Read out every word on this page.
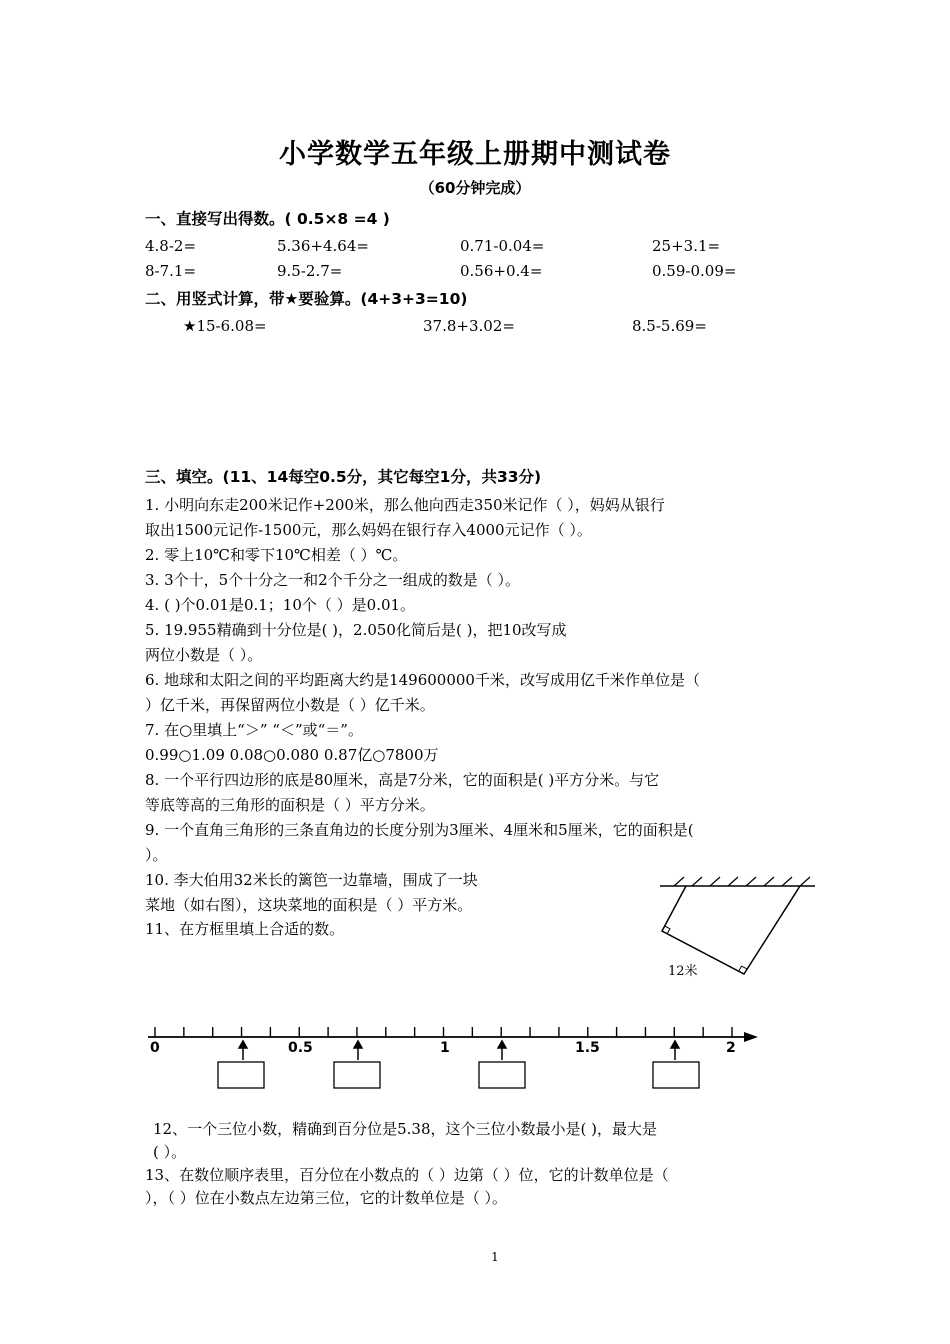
小学数学五年级上册期中测试卷
（60分钟完成）
一、直接写出得数。( 0.5×8 =4 )
4.8-2=	5.36+4.64=	0.71-0.04=	25+3.1=
8-7.1=	9.5-2.7=	0.56+0.4=	0.59-0.09=
二、用竖式计算，带★要验算。(4+3+3=10)
★15-6.08=	37.8+3.02=	8.5-5.69=
三、填空。(11、14每空0.5分，其它每空1分，共33分)
1. 小明向东走200米记作+200米，那么他向西走350米记作（ ），妈妈从银行
取出1500元记作-1500元，那么妈妈在银行存入4000元记作（ ）。
2. 零上10℃和零下10℃相差（ ）℃。
3. 3个十，5个十分之一和2个千分之一组成的数是（ ）。
4. ( )个0.01是0.1；10个（ ）是0.01。
5. 19.955精确到十分位是( )，2.050化简后是( )，把10改写成
两位小数是（ ）。
6. 地球和太阳之间的平均距离大约是149600000千米，改写成用亿千米作单位是（
）亿千米，再保留两位小数是（ ）亿千米。
7. 在○里填上“＞” “＜”或“＝”。
0.99○1.09 0.08○0.080 0.87亿○7800万
8. 一个平行四边形的底是80厘米，高是7分米，它的面积是( )平方分米。与它
等底等高的三角形的面积是（ ）平方分米。
9. 一个直角三角形的三条直角边的长度分别为3厘米、4厘米和5厘米，它的面积是(
）。
10. 李大伯用32米长的篱笆一边靠墙，围成了一块
菜地（如右图），这块菜地的面积是（ ）平方米。
11、在方框里填上合适的数。
12米
0	0.5	1	1.5	2
12、一个三位小数，精确到百分位是5.38，这个三位小数最小是( )，最大是
( ）。
13、在数位顺序表里，百分位在小数点的（ ）边第（ ）位，它的计数单位是（
），（ ）位在小数点左边第三位，它的计数单位是（ ）。
1
